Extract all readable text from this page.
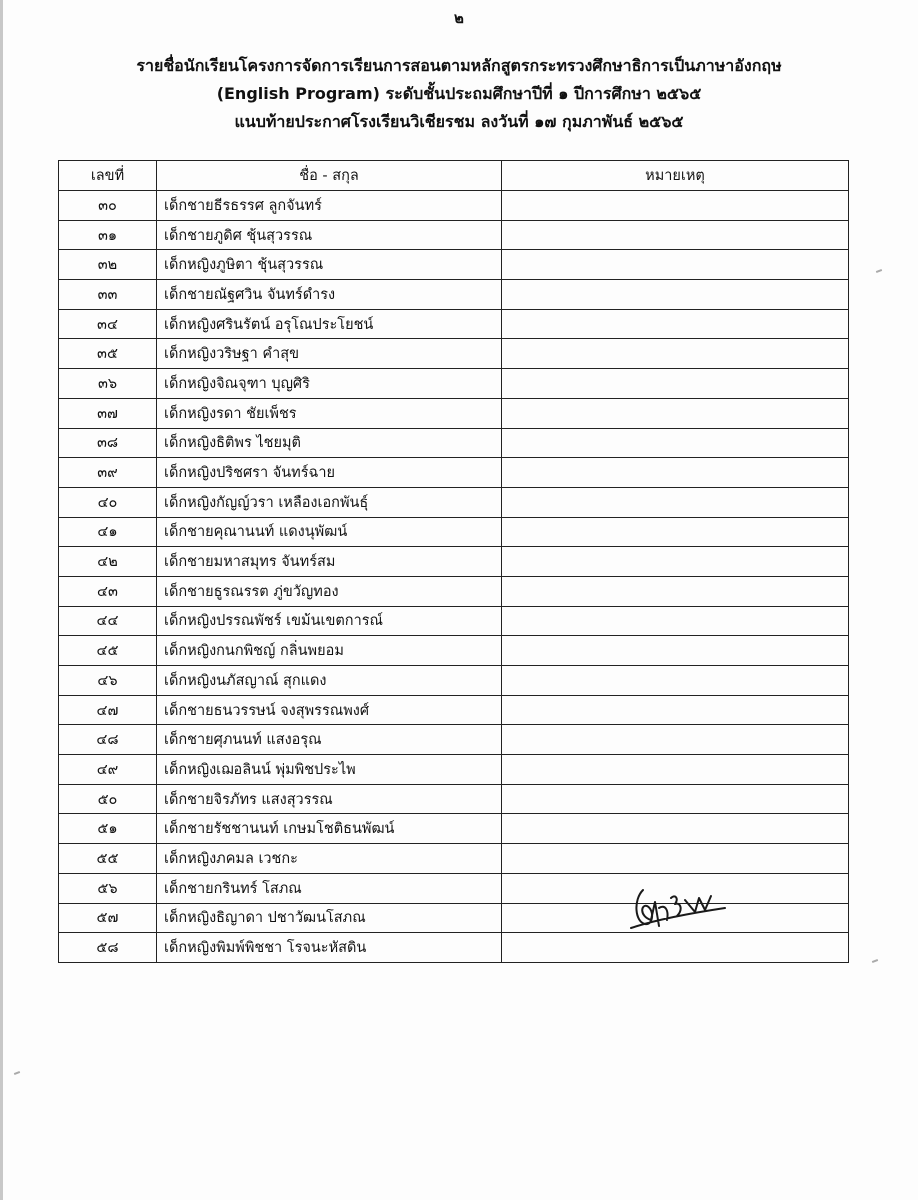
๒
รายชื่อนักเรียนโครงการจัดการเรียนการสอนตามหลักสูตรกระทรวงศึกษาธิการเป็นภาษาอังกฤษ
(English Program) ระดับชั้นประถมศึกษาปีที่ ๑ ปีการศึกษา ๒๕๖๕
แนบท้ายประกาศโรงเรียนวิเชียรชม ลงวันที่ ๑๗ กุมภาพันธ์ ๒๕๖๕
เลขที่	ชื่อ - สกุล	หมายเหตุ
๓๐	เด็กชายธีรธรรศ ลูกจันทร์	
๓๑	เด็กชายภูดิศ ชุ้นสุวรรณ	
๓๒	เด็กหญิงภูษิตา ชุ้นสุวรรณ	
๓๓	เด็กชายณัฐศวิน จันทร์ดำรง	
๓๔	เด็กหญิงศรินรัตน์ อรุโณประโยชน์	
๓๕	เด็กหญิงวริษฐา คำสุข	
๓๖	เด็กหญิงจิณจุฑา บุญศิริ	
๓๗	เด็กหญิงรดา ชัยเพ็ชร	
๓๘	เด็กหญิงธิติพร ไชยมุติ	
๓๙	เด็กหญิงปริชศรา จันทร์ฉาย	
๔๐	เด็กหญิงกัญญ์วรา เหลืองเอกพันธุ์	
๔๑	เด็กชายคุณานนท์ แดงนุพัฒน์	
๔๒	เด็กชายมหาสมุทร จันทร์สม	
๔๓	เด็กชายธูรณรรต ภู่ขวัญทอง	
๔๔	เด็กหญิงปรรณพัชร์ เขม้นเขตการณ์	
๔๕	เด็กหญิงกนกพิชญ์ กลิ่นพยอม	
๔๖	เด็กหญิงนภัสญาณ์ สุกแดง	
๔๗	เด็กชายธนวรรษน์ จงสุพรรณพงศ์	
๔๘	เด็กชายศุภนนท์ แสงอรุณ	
๔๙	เด็กหญิงเฌอลินน์ พุ่มพิชประไพ	
๕๐	เด็กชายจิรภัทร แสงสุวรรณ	
๕๑	เด็กชายรัชชานนท์ เกษมโชติธนพัฒน์	
๕๕	เด็กหญิงภคมล เวชกะ	
๕๖	เด็กชายกรินทร์ โสภณ	
๕๗	เด็กหญิงธิญาดา ปชาวัฒนโสภณ	
๕๘	เด็กหญิงพิมพ์พิชชา โรจนะหัสดิน	
